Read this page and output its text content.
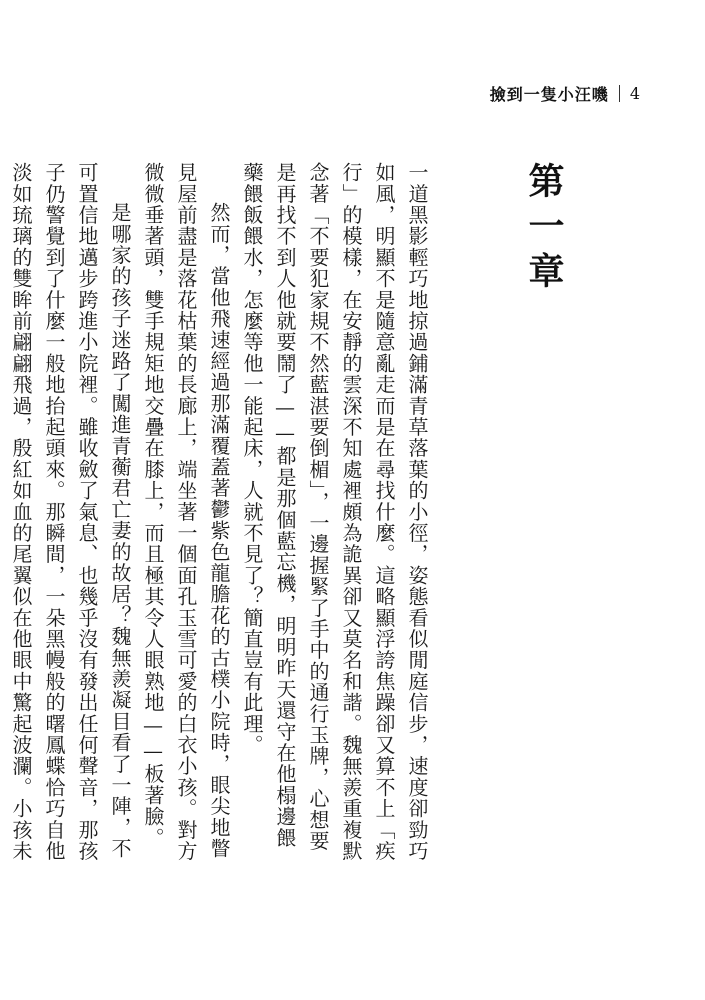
撿到一隻小汪嘰 4
第一章

一道黑影輕巧地掠過鋪滿青草落葉的小徑，姿態看似閒庭信步，速度卻勁巧如風，明顯不是隨意亂走而是在尋找什麼。這略顯浮誇焦躁卻又算不上「疾行」的模樣，在安靜的雲深不知處裡頗為詭異卻又莫名和諧。魏無羨重複默念著「不要犯家規不然藍湛要倒楣」，一邊握緊了手中的通行玉牌，心想要是再找不到人他就要鬧了——都是那個藍忘機，明明昨天還守在他榻邊餵藥餵飯餵水，怎麼等他一能起床，人就不見了？簡直豈有此理。

然而，當他飛速經過那滿覆蓋著鬱紫色龍膽花的古樸小院時，眼尖地瞥見屋前盡是落花枯葉的長廊上，端坐著一個面孔玉雪可愛的白衣小孩。對方微微垂著頭，雙手規矩地交疊在膝上，而且極其令人眼熟地——板著臉。

是哪家的孩子迷路了闖進青蘅君亡妻的故居？魏無羨凝目看了一陣，不可置信地邁步跨進小院裡。雖收斂了氣息、也幾乎沒有發出任何聲音，那孩子仍警覺到了什麼一般地抬起頭來。那瞬間，一朵黑幔般的曙鳳蝶恰巧自他淡如琉璃的雙眸前翩翩飛過，殷紅如血的尾翼似在他眼中驚起波瀾。小孩未
